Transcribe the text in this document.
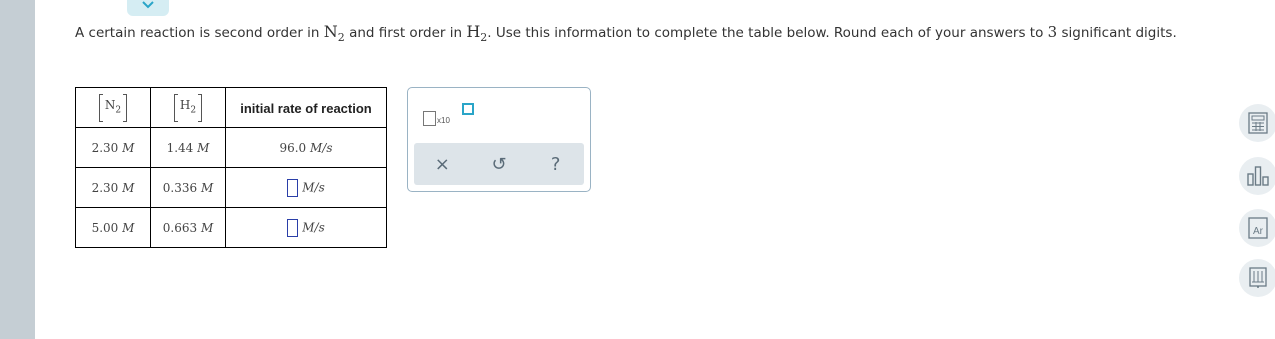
A certain reaction is second order in $N_2$ and first order in $H_2$. Use this information to complete the table below. Round each of your answers to 3 significant digits.
$N_2$	$H_2$	initial rate of reaction
2.30 M	1.44 M	96.0 M/s
2.30 M	0.336 M	M/s
5.00 M	0.663 M	M/s
x10
×	↺	?
Ar
